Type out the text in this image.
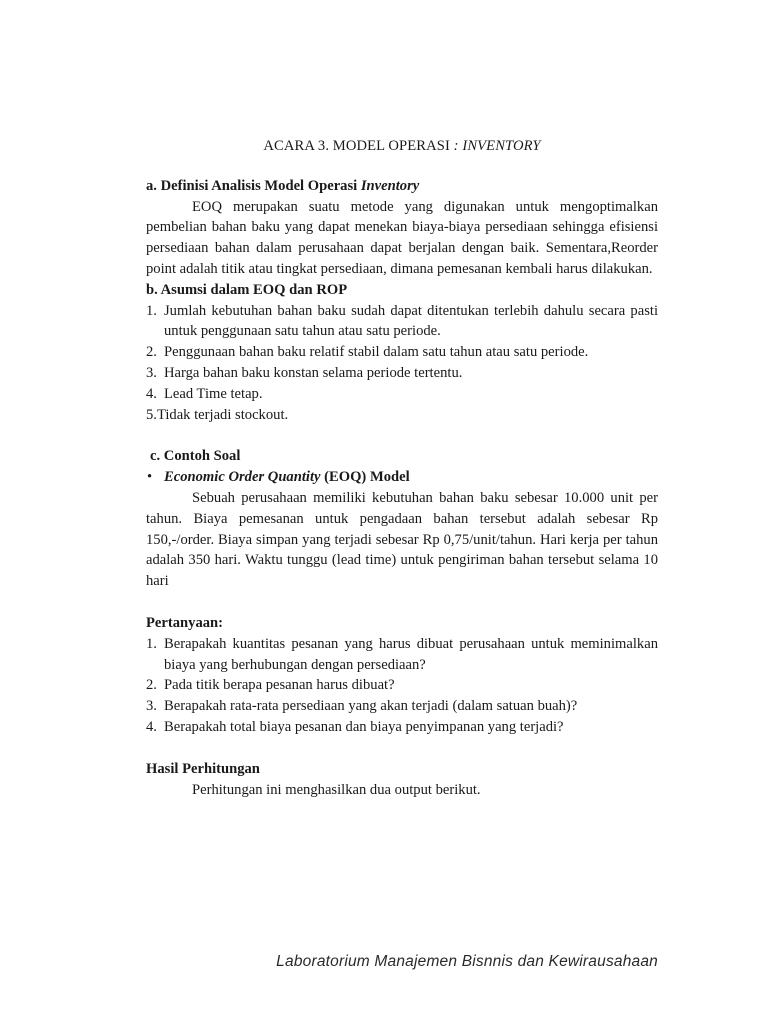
ACARA 3. MODEL OPERASI : INVENTORY
a. Definisi Analisis Model Operasi Inventory

EOQ merupakan suatu metode yang digunakan untuk mengoptimalkan pembelian bahan baku yang dapat menekan biaya-biaya persediaan sehingga efisiensi persediaan bahan dalam perusahaan dapat berjalan dengan baik. Sementara,Reorder point adalah titik atau tingkat persediaan, dimana pemesanan kembali harus dilakukan.

b. Asumsi dalam EOQ dan ROP
1. Jumlah kebutuhan bahan baku sudah dapat ditentukan terlebih dahulu secara pasti untuk penggunaan satu tahun atau satu periode.
2. Penggunaan bahan baku relatif stabil dalam satu tahun atau satu periode.
3. Harga bahan baku konstan selama periode tertentu.
4. Lead Time tetap.
5.Tidak terjadi stockout.
c. Contoh Soal
• Economic Order Quantity (EOQ) Model

Sebuah perusahaan memiliki kebutuhan bahan baku sebesar 10.000 unit per tahun. Biaya pemesanan untuk pengadaan bahan tersebut adalah sebesar Rp 150,-/order. Biaya simpan yang terjadi sebesar Rp 0,75/unit/tahun. Hari kerja per tahun adalah 350 hari. Waktu tunggu (lead time) untuk pengiriman bahan tersebut selama 10 hari

Pertanyaan:
1. Berapakah kuantitas pesanan yang harus dibuat perusahaan untuk meminimalkan biaya yang berhubungan dengan persediaan?
2. Pada titik berapa pesanan harus dibuat?
3. Berapakah rata-rata persediaan yang akan terjadi (dalam satuan buah)?
4. Berapakah total biaya pesanan dan biaya penyimpanan yang terjadi?
Hasil Perhitungan

Perhitungan ini menghasilkan dua output berikut.

Laboratorium Manajemen Bisnnis dan Kewirausahaan
